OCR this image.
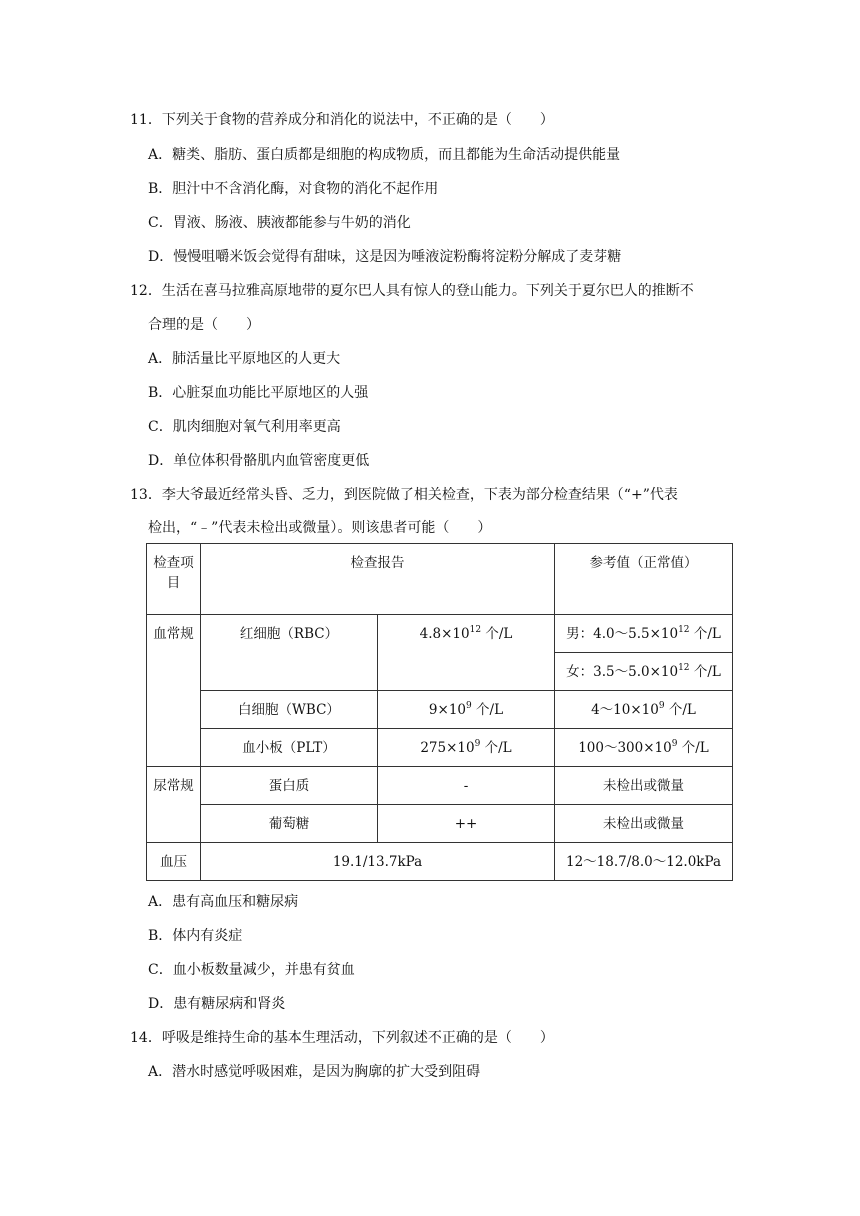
11．下列关于食物的营养成分和消化的说法中，不正确的是（　　）
A．糖类、脂肪、蛋白质都是细胞的构成物质，而且都能为生命活动提供能量
B．胆汁中不含消化酶，对食物的消化不起作用
C．胃液、肠液、胰液都能参与牛奶的消化
D．慢慢咀嚼米饭会觉得有甜味，这是因为唾液淀粉酶将淀粉分解成了麦芽糖
12．生活在喜马拉雅高原地带的夏尔巴人具有惊人的登山能力。下列关于夏尔巴人的推断不
合理的是（　　）
A．肺活量比平原地区的人更大
B．心脏泵血功能比平原地区的人强
C．肌肉细胞对氧气利用率更高
D．单位体积骨骼肌内血管密度更低
13．李大爷最近经常头昏、乏力，到医院做了相关检查，下表为部分检查结果（“+”代表
检出，“﹣”代表未检出或微量）。则该患者可能（　　）
检查项
目	检查报告		参考值（正常值）

血常规	红细胞（RBC）	$4.8\times 10^{12}$ 个/L	男：$4.0\sim 5.5\times 10^{12}$ 个/L
			女：$3.5\sim 5.0\times 10^{12}$ 个/L
	白细胞（WBC）	$9\times 10^9$ 个/L	$4\sim 10\times 10^9$ 个/L
	血小板（PLT）	$275\times 10^9$ 个/L	$100\sim 300\times 10^9$ 个/L

尿常规	蛋白质	-	未检出或微量
	葡萄糖	++	未检出或微量
血压	19.1/13.7kPa		12～18.7/8.0～12.0kPa
A．患有高血压和糖尿病
B．体内有炎症
C．血小板数量减少，并患有贫血
D．患有糖尿病和肾炎
14．呼吸是维持生命的基本生理活动，下列叙述不正确的是（　　）
A．潜水时感觉呼吸困难，是因为胸廓的扩大受到阻碍
